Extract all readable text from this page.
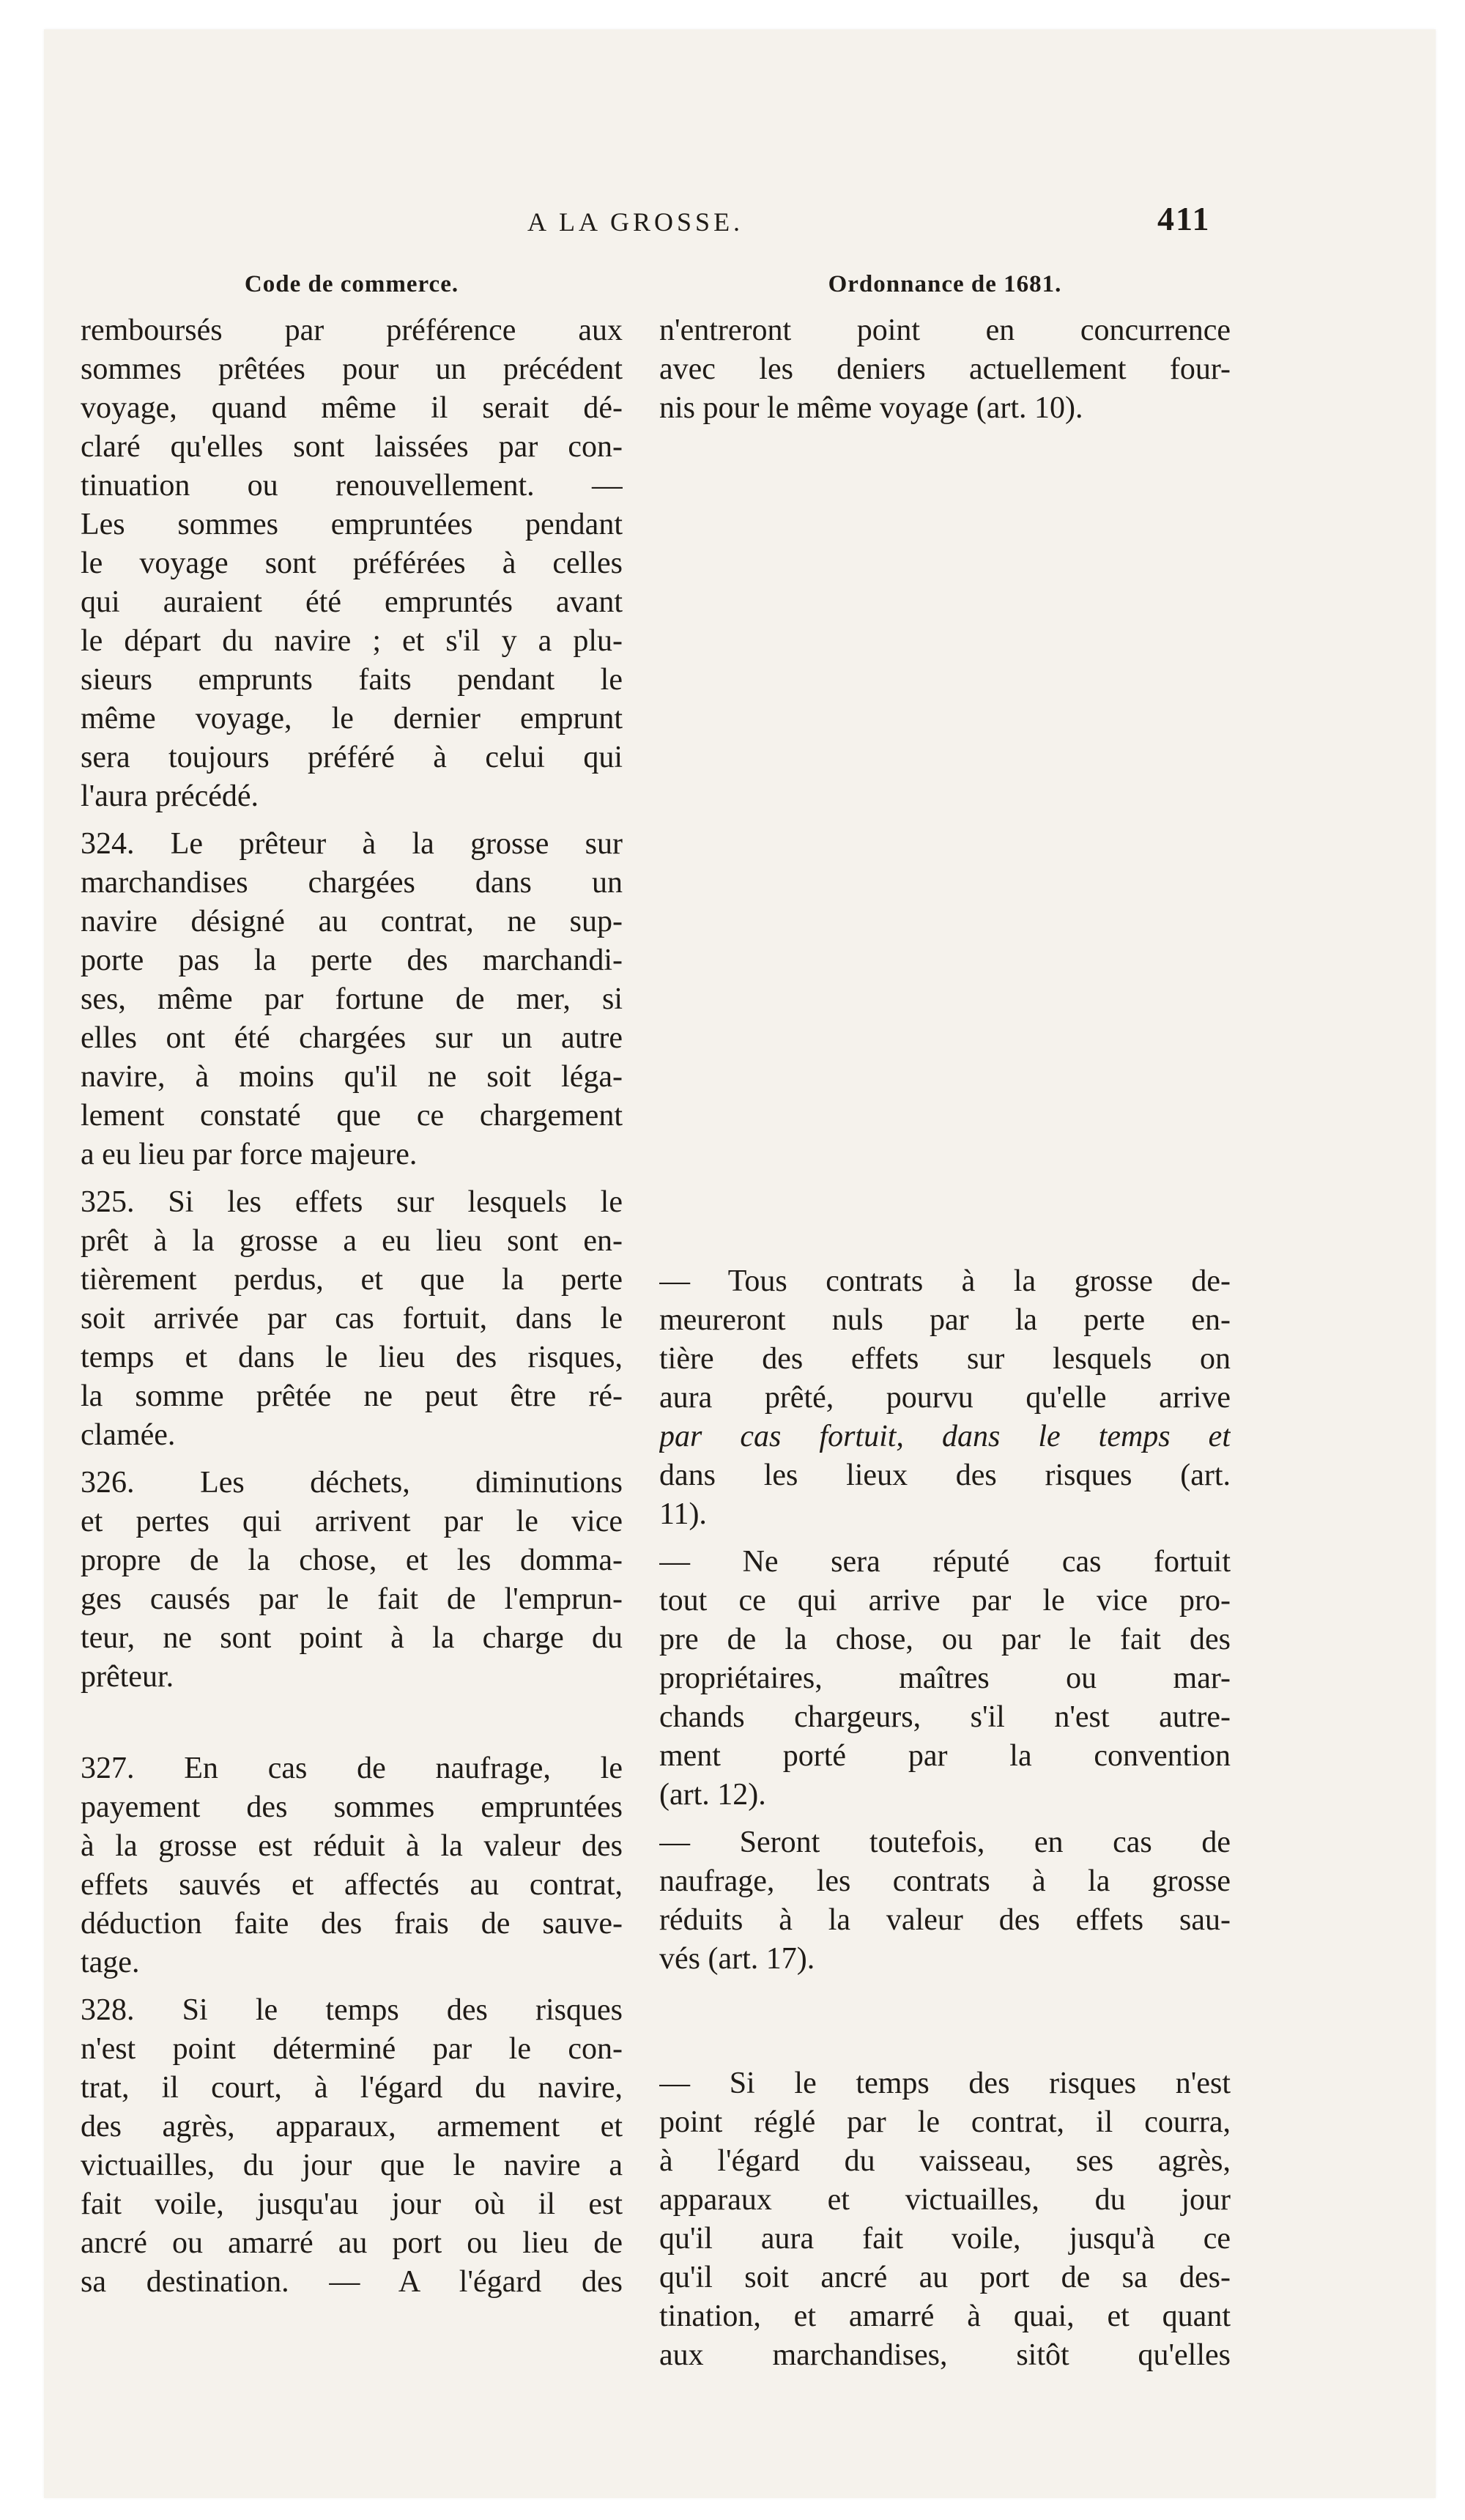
A LA GROSSE.	411
Code de commerce.
remboursés par préférence aux
sommes prêtées pour un précédent
voyage, quand même il serait dé-
claré qu'elles sont laissées par con-
tinuation ou renouvellement. —
Les sommes empruntées pendant
le voyage sont préférées à celles
qui auraient été empruntés avant
le départ du navire ; et s'il y a plu-
sieurs emprunts faits pendant le
même voyage, le dernier emprunt
sera toujours préféré à celui qui
l'aura précédé.
324. Le prêteur à la grosse sur
marchandises chargées dans un
navire désigné au contrat, ne sup-
porte pas la perte des marchandi-
ses, même par fortune de mer, si
elles ont été chargées sur un autre
navire, à moins qu'il ne soit léga-
lement constaté que ce chargement
a eu lieu par force majeure.
325. Si les effets sur lesquels le
prêt à la grosse a eu lieu sont en-
tièrement perdus, et que la perte
soit arrivée par cas fortuit, dans le
temps et dans le lieu des risques,
la somme prêtée ne peut être ré-
clamée.
326. Les déchets, diminutions
et pertes qui arrivent par le vice
propre de la chose, et les domma-
ges causés par le fait de l'emprun-
teur, ne sont point à la charge du
prêteur.
327. En cas de naufrage, le
payement des sommes empruntées
à la grosse est réduit à la valeur des
effets sauvés et affectés au contrat,
déduction faite des frais de sauve-
tage.
328. Si le temps des risques
n'est point déterminé par le con-
trat, il court, à l'égard du navire,
des agrès, apparaux, armement et
victuailles, du jour que le navire a
fait voile, jusqu'au jour où il est
ancré ou amarré au port ou lieu de
sa destination. — A l'égard des
Ordonnance de 1681.
n'entreront point en concurrence
avec les deniers actuellement four-
nis pour le même voyage (art. 10).
— Tous contrats à la grosse de-
meureront nuls par la perte en-
tière des effets sur lesquels on
aura prêté, pourvu qu'elle arrive
par cas fortuit, dans le temps et
dans les lieux des risques (art.
11).
— Ne sera réputé cas fortuit
tout ce qui arrive par le vice pro-
pre de la chose, ou par le fait des
propriétaires, maîtres ou mar-
chands chargeurs, s'il n'est autre-
ment porté par la convention
(art. 12).
— Seront toutefois, en cas de
naufrage, les contrats à la grosse
réduits à la valeur des effets sau-
vés (art. 17).
— Si le temps des risques n'est
point réglé par le contrat, il courra,
à l'égard du vaisseau, ses agrès,
apparaux et victuailles, du jour
qu'il aura fait voile, jusqu'à ce
qu'il soit ancré au port de sa des-
tination, et amarré à quai, et quant
aux marchandises, sitôt qu'elles
